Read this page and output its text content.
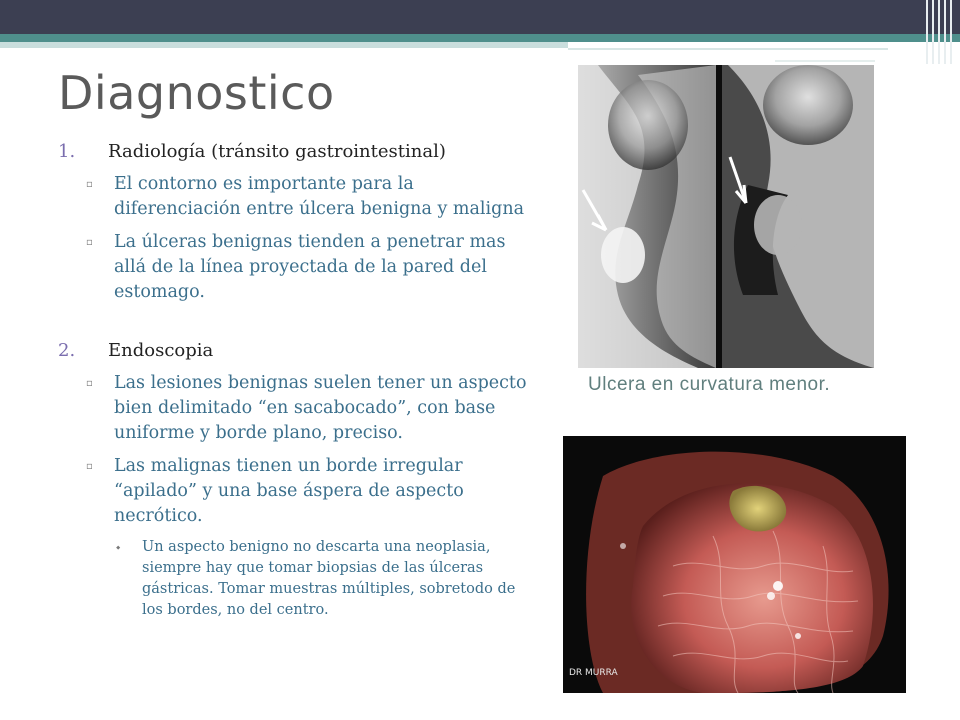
Diagnostico
1. Radiología (tránsito gastrointestinal)
▫ El contorno es importante para la diferenciación entre úlcera benigna y maligna
▫ La úlceras benignas tienden a penetrar mas allá de la línea proyectada de la pared del estomago.
2. Endoscopia
▫ Las lesiones benignas suelen tener un aspecto bien delimitado “en sacabocado”, con base uniforme y borde plano, preciso.
▫ Las malignas tienen un borde irregular “apilado” y una base áspera de aspecto necrótico.
⬩ Un aspecto benigno no descarta una neoplasia, siempre hay que tomar biopsias de las úlceras gástricas. Tomar muestras múltiples, sobretodo de los bordes, no del centro.
Ulcera en curvatura menor.
DR MURRA
